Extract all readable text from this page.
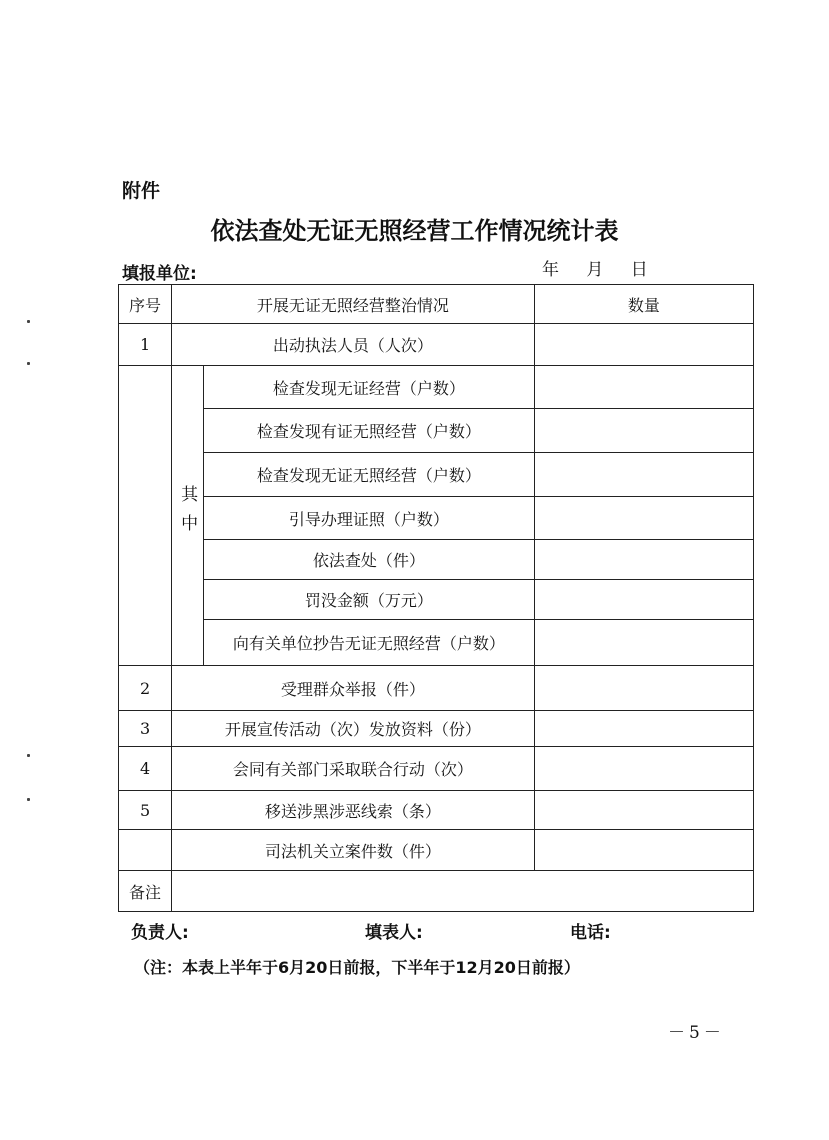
附件
依法查处无证无照经营工作情况统计表
填报单位:	年 月 日
序号	开展无证无照经营整治情况		数量
1	出动执法人员（人次）		
	其中	检查发现无证经营（户数）	
		检查发现有证无照经营（户数）	
		检查发现无证无照经营（户数）	
		引导办理证照（户数）	
		依法查处（件）	
		罚没金额（万元）	
		向有关单位抄告无证无照经营（户数）	
2	受理群众举报（件）		
3	开展宣传活动（次）发放资料（份）		
4	会同有关部门采取联合行动（次）		
5	移送涉黑涉恶线索（条）		
	司法机关立案件数（件）		
备注			
负责人:	填表人:	电话:
（注：本表上半年于6月20日前报，下半年于12月20日前报）
－5－
